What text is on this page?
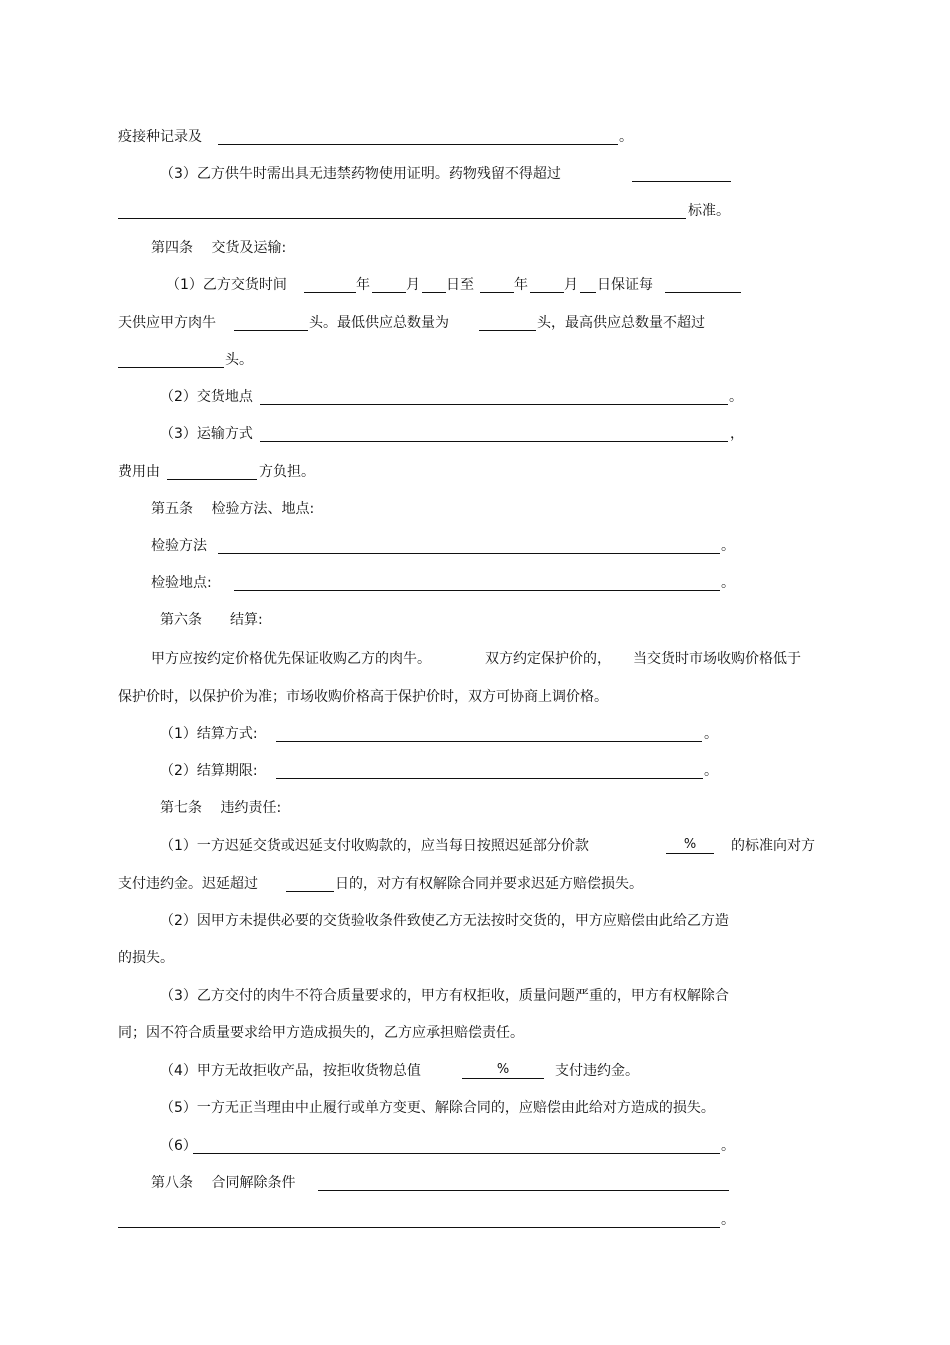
疫接种记录及	。
（3）乙方供牛时需出具无违禁药物使用证明。药物残留不得超过
标准。
第四条　 交货及运输:
（1）乙方交货时间	年	月 日至	年	月 日保证每
天供应甲方肉牛	头。最低供应总数量为	头，最高供应总数量不超过
头。
（2）交货地点	。
（3）运输方式	，
费用由	方负担。
第五条　 检验方法、地点:
检验方法	。
检验地点:	。
第六条　　结算:
甲方应按约定价格优先保证收购乙方的肉牛。	双方约定保护价的， 当交货时市场收购价格低于
保护价时，以保护价为准；市场收购价格高于保护价时，双方可协商上调价格。
（1）结算方式:	。
（2）结算期限:	。
第七条　 违约责任:
（1）一方迟延交货或迟延支付收购款的，应当每日按照迟延部分价款	%	的标准向对方
支付违约金。迟延超过	日的，对方有权解除合同并要求迟延方赔偿损失。
（2）因甲方未提供必要的交货验收条件致使乙方无法按时交货的，甲方应赔偿由此给乙方造
的损失。
（3）乙方交付的肉牛不符合质量要求的，甲方有权拒收，质量问题严重的，甲方有权解除合
同；因不符合质量要求给甲方造成损失的，乙方应承担赔偿责任。
（4）甲方无故拒收产品，按拒收货物总值	%	支付违约金。
（5）一方无正当理由中止履行或单方变更、解除合同的，应赔偿由此给对方造成的损失。
（6）	。
第八条　 合同解除条件
。
